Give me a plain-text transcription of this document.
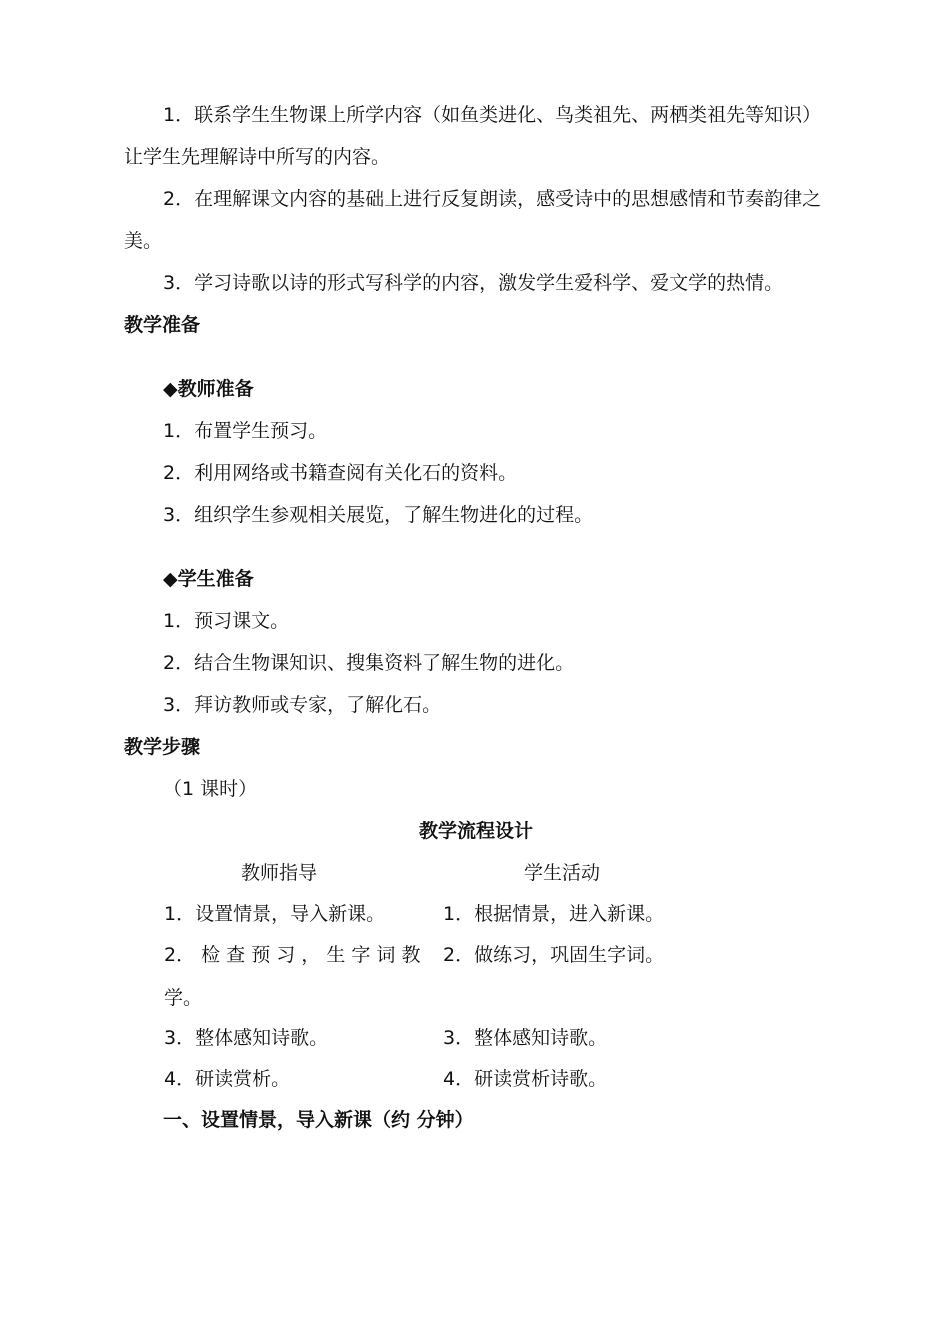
1．联系学生生物课上所学内容（如鱼类进化、鸟类祖先、两栖类祖先等知识）
让学生先理解诗中所写的内容。
2．在理解课文内容的基础上进行反复朗读，感受诗中的思想感情和节奏韵律之
美。
3．学习诗歌以诗的形式写科学的内容，激发学生爱科学、爱文学的热情。
教学准备
◆教师准备
1．布置学生预习。
2．利用网络或书籍查阅有关化石的资料。
3．组织学生参观相关展览，了解生物进化的过程。
◆学生准备
1．预习课文。
2．结合生物课知识、搜集资料了解生物的进化。
3．拜访教师或专家，了解化石。
教学步骤
（1 课时）
教学流程设计
教师指导	学生活动
1．设置情景，导入新课。
2． 检 查 预 习 ， 生 字 词 教
学。
3．整体感知诗歌。
4．研读赏析。
1．根据情景，进入新课。
2．做练习，巩固生字词。
3．整体感知诗歌。
4．研读赏析诗歌。
一、设置情景，导入新课（约 分钟）
